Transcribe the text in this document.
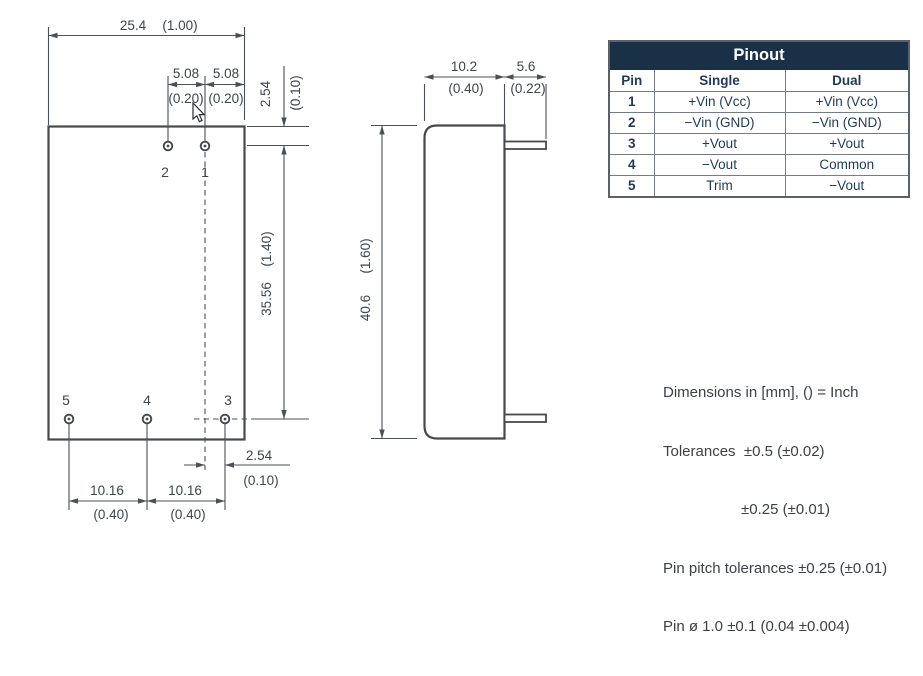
25.4 (1.00)
5.08 5.08
(0.20) (0.20)
2 1
5	4	3
2.54 (0.10)
35.56
(1.40)
2.54
(0.10)
10.16
(0.40)
10.16
(0.40)
10.2
(0.40)
5.6
(0.22)
40.6
(1.60)
Pinout		
Pin	Single	Dual
1	+Vin (Vcc)	+Vin (Vcc)
2	−Vin (GND)	−Vin (GND)
3	+Vout	+Vout
4	−Vout	Common
5	Trim	−Vout

Dimensions in [mm], () = Inch

Tolerances  ±0.5 (±0.02)

±0.25 (±0.01)

Pin pitch tolerances ±0.25 (±0.01)

Pin ø 1.0 ±0.1 (0.04 ±0.004)
